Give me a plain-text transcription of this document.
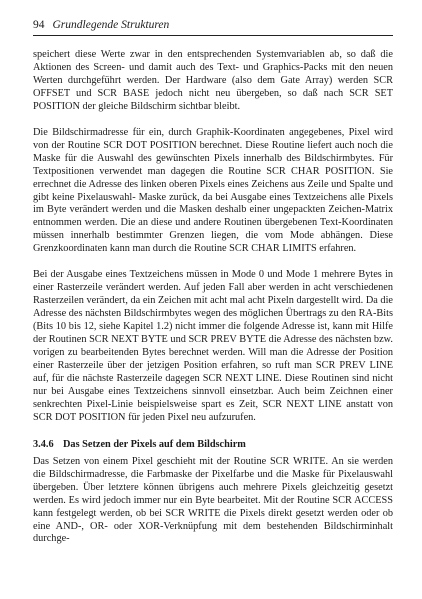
94 Grundlegende Strukturen

speichert diese Werte zwar in den entsprechenden Systemvariablen ab, so daß die Aktionen des Screen- und damit auch des Text- und Graphics-Packs mit den neuen Werten durchgeführt werden. Der Hardware (also dem Gate Array) werden SCR OFFSET und SCR BASE jedoch nicht neu übergeben, so daß nach SCR SET POSITION der gleiche Bildschirm sichtbar bleibt.

Die Bildschirmadresse für ein, durch Graphik-Koordinaten angegebenes, Pixel wird von der Routine SCR DOT POSITION berechnet. Diese Routine liefert auch noch die Maske für die Auswahl des gewünschten Pixels innerhalb des Bildschirmbytes. Für Textpositionen verwendet man dagegen die Routine SCR CHAR POSITION. Sie errechnet die Adresse des linken oberen Pixels eines Zeichens aus Zeile und Spalte und gibt keine Pixelauswahl- Maske zurück, da bei Ausgabe eines Textzeichens alle Pixels im Byte verändert werden und die Masken deshalb einer ungepackten Zeichen-Matrix entnommen werden. Die an diese und andere Routinen übergebenen Text-Koordinaten müssen innerhalb bestimmter Grenzen liegen, die vom Mode abhängen. Diese Grenzkoordinaten kann man durch die Routine SCR CHAR LIMITS erfahren.

Bei der Ausgabe eines Textzeichens müssen in Mode 0 und Mode 1 mehrere Bytes in einer Rasterzeile verändert werden. Auf jeden Fall aber werden in acht verschiedenen Rasterzeilen verändert, da ein Zeichen mit acht mal acht Pixeln dargestellt wird. Da die Adresse des nächsten Bildschirmbytes wegen des möglichen Übertrags zu den RA-Bits (Bits 10 bis 12, siehe Kapitel 1.2) nicht immer die folgende Adresse ist, kann mit Hilfe der Routinen SCR NEXT BYTE und SCR PREV BYTE die Adresse des nächsten bzw. vorigen zu bearbeitenden Bytes berechnet werden. Will man die Adresse der Position einer Rasterzeile über der jetzigen Position erfahren, so ruft man SCR PREV LINE auf, für die nächste Rasterzeile dagegen SCR NEXT LINE. Diese Routinen sind nicht nur bei Ausgabe eines Textzeichens sinnvoll einsetzbar. Auch beim Zeichnen einer senkrechten Pixel-Linie beispielsweise spart es Zeit, SCR NEXT LINE anstatt von SCR DOT POSITION für jeden Pixel neu aufzurufen.

3.4.6 Das Setzen der Pixels auf dem Bildschirm

Das Setzen von einem Pixel geschieht mit der Routine SCR WRITE. An sie werden die Bildschirmadresse, die Farbmaske der Pixelfarbe und die Maske für Pixelauswahl übergeben. Über letztere können übrigens auch mehrere Pixels gleichzeitig gesetzt werden. Es wird jedoch immer nur ein Byte bearbeitet. Mit der Routine SCR ACCESS kann festgelegt werden, ob bei SCR WRITE die Pixels direkt gesetzt werden oder ob eine AND-, OR- oder XOR-Verknüpfung mit dem bestehenden Bildschirminhalt durchge-
